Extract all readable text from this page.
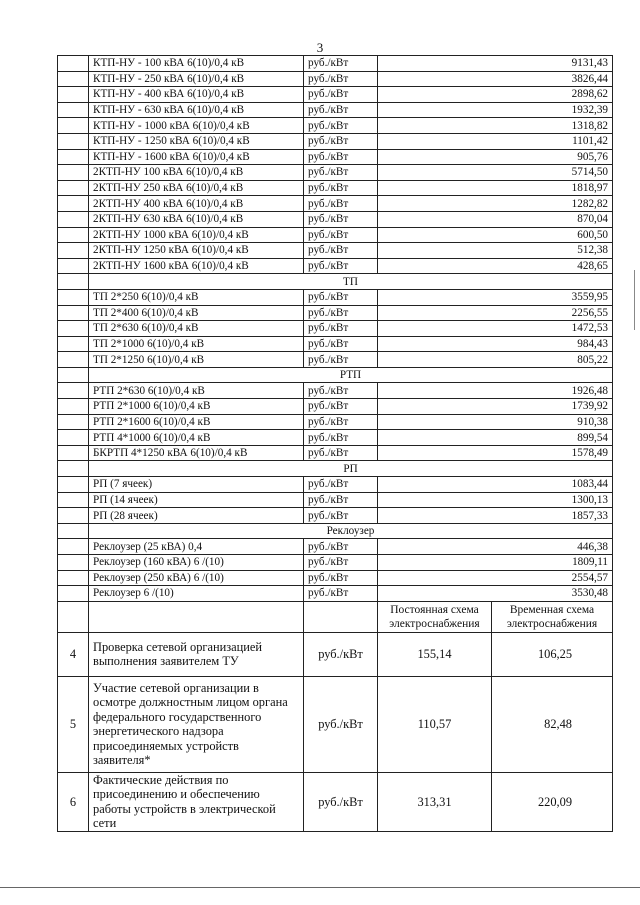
3
	КТП-НУ - 100 кВА 6(10)/0,4 кВ	руб./кВт	9131,43	
	КТП-НУ - 250 кВА 6(10)/0,4 кВ	руб./кВт	3826,44	
	КТП-НУ - 400 кВА 6(10)/0,4 кВ	руб./кВт	2898,62	
	КТП-НУ - 630 кВА 6(10)/0,4 кВ	руб./кВт	1932,39	
	КТП-НУ - 1000 кВА 6(10)/0,4 кВ	руб./кВт	1318,82	
	КТП-НУ - 1250 кВА 6(10)/0,4 кВ	руб./кВт	1101,42	
	КТП-НУ - 1600 кВА 6(10)/0,4 кВ	руб./кВт	905,76	
	2КТП-НУ 100 кВА 6(10)/0,4 кВ	руб./кВт	5714,50	
	2КТП-НУ 250 кВА 6(10)/0,4 кВ	руб./кВт	1818,97	
	2КТП-НУ 400 кВА 6(10)/0,4 кВ	руб./кВт	1282,82	
	2КТП-НУ 630 кВА 6(10)/0,4 кВ	руб./кВт	870,04	
	2КТП-НУ 1000 кВА 6(10)/0,4 кВ	руб./кВт	600,50	
	2КТП-НУ 1250 кВА 6(10)/0,4 кВ	руб./кВт	512,38	
	2КТП-НУ 1600 кВА 6(10)/0,4 кВ	руб./кВт	428,65	
	ТП			
	ТП 2*250 6(10)/0,4 кВ	руб./кВт	3559,95	
	ТП 2*400 6(10)/0,4 кВ	руб./кВт	2256,55	
	ТП 2*630 6(10)/0,4 кВ	руб./кВт	1472,53	
	ТП 2*1000 6(10)/0,4 кВ	руб./кВт	984,43	
	ТП 2*1250 6(10)/0,4 кВ	руб./кВт	805,22	
	РТП			
	РТП 2*630 6(10)/0,4 кВ	руб./кВт	1926,48	
	РТП 2*1000 6(10)/0,4 кВ	руб./кВт	1739,92	
	РТП 2*1600 6(10)/0,4 кВ	руб./кВт	910,38	
	РТП 4*1000 6(10)/0,4 кВ	руб./кВт	899,54	
	БКРТП 4*1250 кВА 6(10)/0,4 кВ	руб./кВт	1578,49	
	РП			
	РП (7 ячеек)	руб./кВт	1083,44	
	РП (14 ячеек)	руб./кВт	1300,13	
	РП (28 ячеек)	руб./кВт	1857,33	
	Реклоузер			
	Реклоузер (25 кВА) 0,4	руб./кВт	446,38	
	Реклоузер (160 кВА) 6 /(10)	руб./кВт	1809,11	
	Реклоузер (250 кВА) 6 /(10)	руб./кВт	2554,57	
	Реклоузер 6 /(10)	руб./кВт	3530,48	
			Постоянная схема электроснабжения	Временная схема электроснабжения
4	Проверка сетевой организацией выполнения заявителем ТУ	руб./кВт	155,14	106,25
5	Участие сетевой организации в осмотре должностным лицом органа федерального государственного энергетического надзора присоединяемых устройств заявителя*	руб./кВт	110,57	82,48
6	Фактические действия по присоединению и обеспечению работы устройств в электрической сети	руб./кВт	313,31	220,09
